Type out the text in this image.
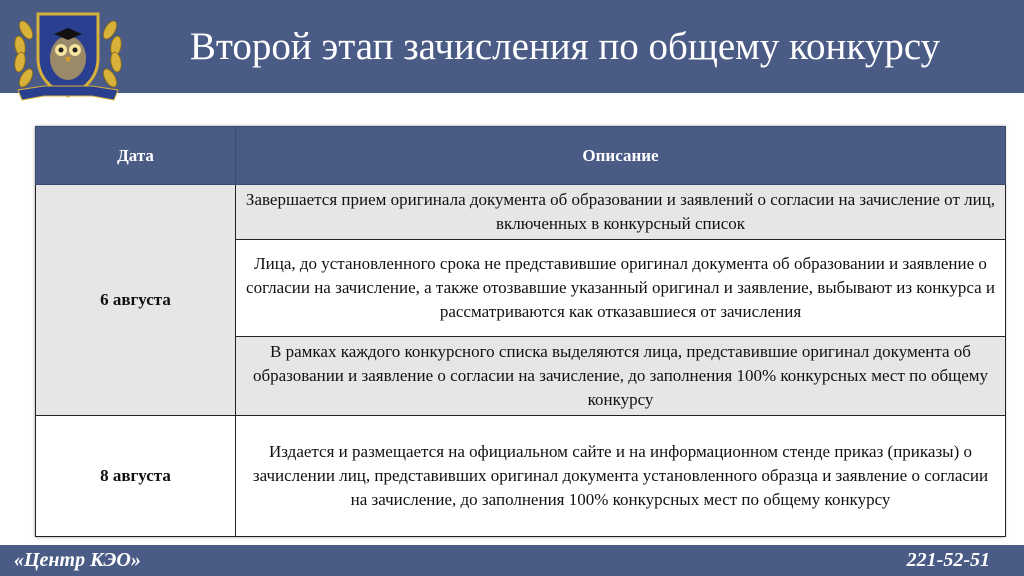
Второй этап зачисления по общему конкурсу
Дата	Описание
6 августа	Завершается прием оригинала документа об образовании и заявлений о согласии на зачисление от лиц, включенных в конкурсный список
	Лица, до установленного срока не представившие оригинал документа об образовании и заявление о согласии на зачисление, а также отозвавшие указанный оригинал и заявление, выбывают из конкурса и рассматриваются как отказавшиеся от зачисления
	В рамках каждого конкурсного списка выделяются лица, представившие оригинал документа об образовании и заявление о согласии на зачисление, до заполнения 100% конкурсных мест по общему конкурсу
8 августа	Издается и размещается на официальном сайте и на информационном стенде приказ (приказы) о зачислении лиц, представивших оригинал документа установленного образца и заявление о согласии на зачисление, до заполнения 100% конкурсных мест по общему конкурсу
«Центр КЭО»	221-52-51
